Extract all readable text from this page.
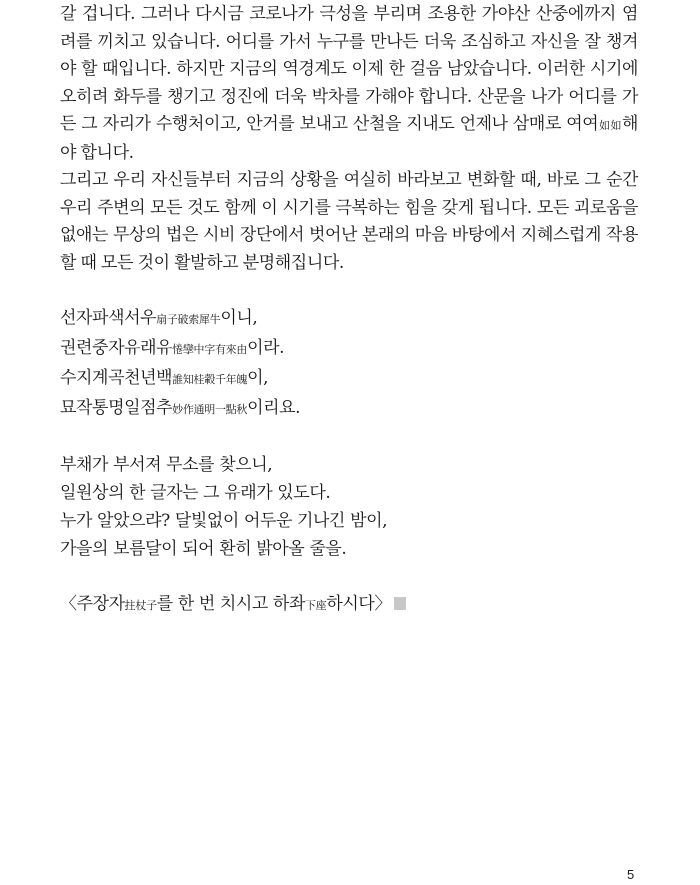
갈 겁니다. 그러나 다시금 코로나가 극성을 부리며 조용한 가야산 산중에까지 염려를 끼치고 있습니다. 어디를 가서 누구를 만나든 더욱 조심하고 자신을 잘 챙겨야 할 때입니다. 하지만 지금의 역경계도 이제 한 걸음 남았습니다. 이러한 시기에 오히려 화두를 챙기고 정진에 더욱 박차를 가해야 합니다. 산문을 나가 어디를 가든 그 자리가 수행처이고, 안거를 보내고 산철을 지내도 언제나 삼매로 여여如如해야 합니다.

그리고 우리 자신들부터 지금의 상황을 여실히 바라보고 변화할 때, 바로 그 순간 우리 주변의 모든 것도 함께 이 시기를 극복하는 힘을 갖게 됩니다. 모든 괴로움을 없애는 무상의 법은 시비 장단에서 벗어난 본래의 마음 바탕에서 지혜스럽게 작용할 때 모든 것이 활발하고 분명해집니다.

선자파색서우扇子破索犀牛이니,

권련중자유래유惓孿中字有來由이라.

수지계곡천년백誰知桂轂千年魄이,

묘작통명일점추妙作通明一點秋이리요.

부채가 부서져 무소를 찾으니,

일원상의 한 글자는 그 유래가 있도다.

누가 알았으랴? 달빛없이 어두운 기나긴 밤이,

가을의 보름달이 되어 환히 밝아올 줄을.

〈주장자拄杖子를 한 번 치시고 하좌下座하시다〉

5
